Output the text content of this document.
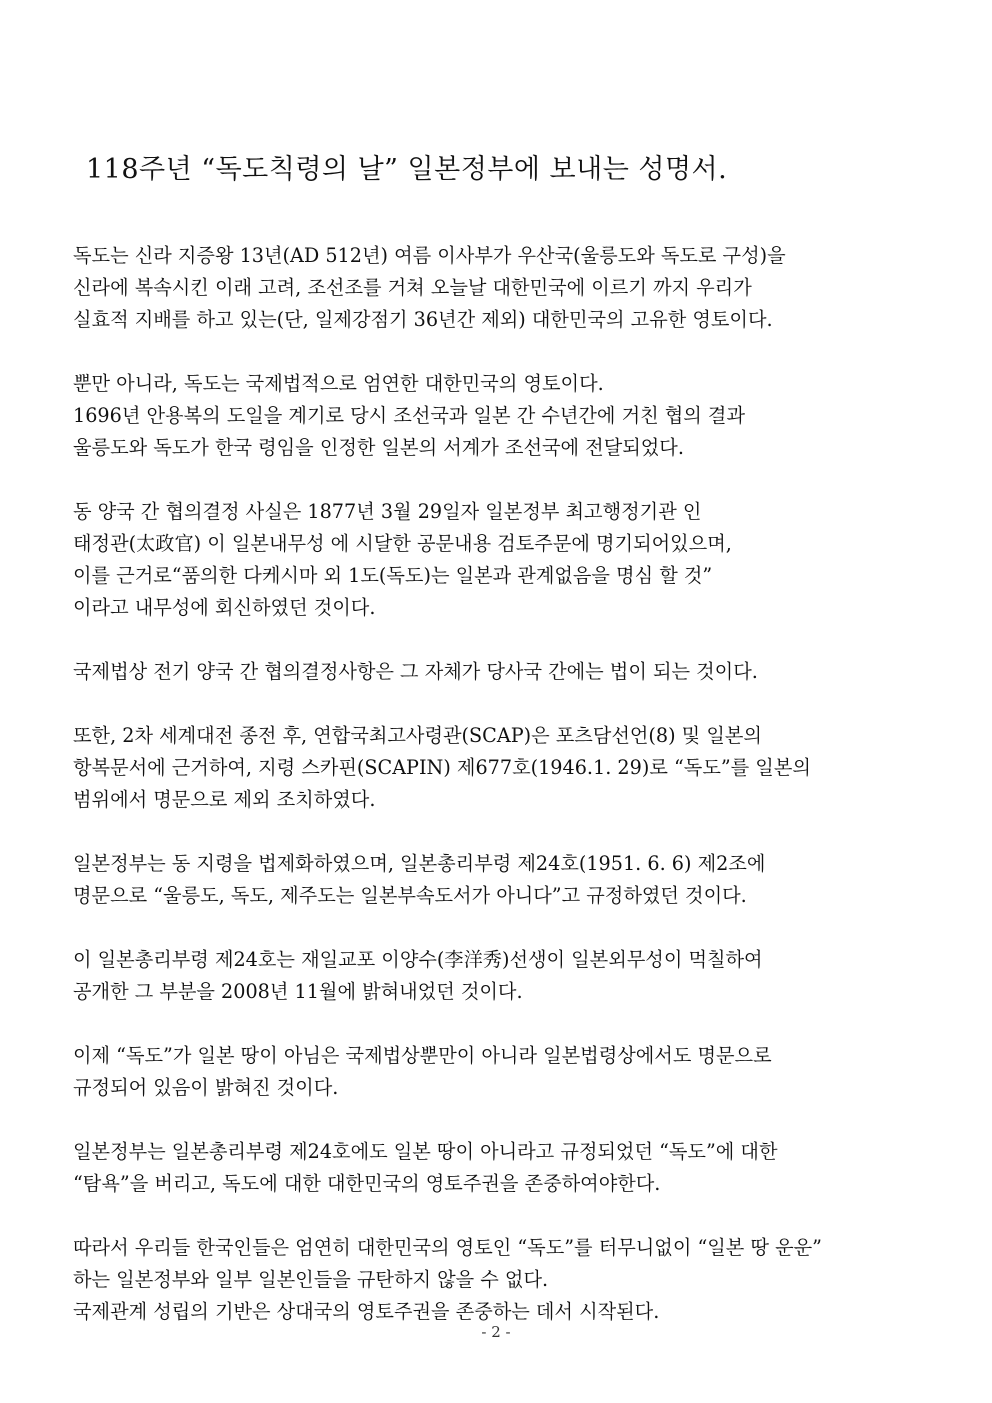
118주년 “독도칙령의 날” 일본정부에 보내는 성명서.
독도는 신라 지증왕 13년(AD 512년) 여름 이사부가 우산국(울릉도와 독도로 구성)을
신라에 복속시킨 이래 고려, 조선조를 거쳐 오늘날 대한민국에 이르기 까지 우리가
실효적 지배를 하고 있는(단, 일제강점기 36년간 제외) 대한민국의 고유한 영토이다.
뿐만 아니라, 독도는 국제법적으로 엄연한 대한민국의 영토이다.
1696년 안용복의 도일을 계기로 당시 조선국과 일본 간 수년간에 거친 협의 결과
울릉도와 독도가 한국 령임을 인정한 일본의 서계가 조선국에 전달되었다.
동 양국 간 협의결정 사실은 1877년 3월 29일자 일본정부 최고행정기관 인
태정관(太政官) 이 일본내무성 에 시달한 공문내용 검토주문에 명기되어있으며,
이를 근거로“품의한 다케시마 외 1도(독도)는 일본과 관계없음을 명심 할 것”
이라고 내무성에 회신하였던 것이다.
국제법상 전기 양국 간 협의결정사항은 그 자체가 당사국 간에는 법이 되는 것이다.
또한, 2차 세계대전 종전 후, 연합국최고사령관(SCAP)은 포츠담선언(8) 및 일본의
항복문서에 근거하여, 지령 스카핀(SCAPIN) 제677호(1946.1. 29)로 “독도”를 일본의
범위에서 명문으로 제외 조치하였다.
일본정부는 동 지령을 법제화하였으며, 일본총리부령 제24호(1951. 6. 6) 제2조에
명문으로 “울릉도, 독도, 제주도는 일본부속도서가 아니다”고 규정하였던 것이다.
이 일본총리부령 제24호는 재일교포 이양수(李洋秀)선생이 일본외무성이 먹칠하여
공개한 그 부분을 2008년 11월에 밝혀내었던 것이다.
이제 “독도”가 일본 땅이 아님은 국제법상뿐만이 아니라 일본법령상에서도 명문으로
규정되어 있음이 밝혀진 것이다.
일본정부는 일본총리부령 제24호에도 일본 땅이 아니라고 규정되었던 “독도”에 대한
“탐욕”을 버리고, 독도에 대한 대한민국의 영토주권을 존중하여야한다.
따라서 우리들 한국인들은 엄연히 대한민국의 영토인 “독도”를 터무니없이 “일본 땅 운운”
하는 일본정부와 일부 일본인들을 규탄하지 않을 수 없다.
국제관계 성립의 기반은 상대국의 영토주권을 존중하는 데서 시작된다.
- 2 -
